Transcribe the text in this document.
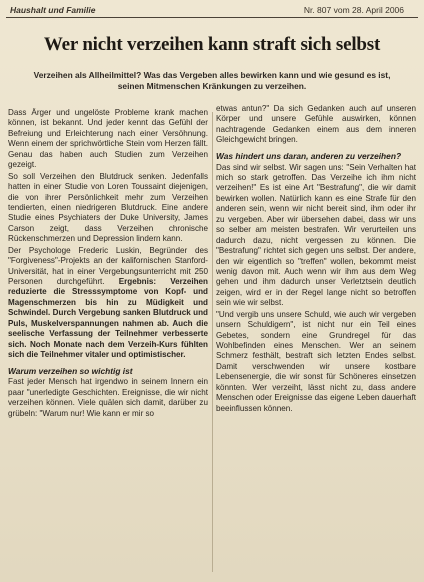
Haushalt und Familie	Nr. 807 vom 28. April 2006
Wer nicht verzeihen kann straft sich selbst
Verzeihen als Allheilmittel? Was das Vergeben alles bewirken kann und wie gesund es ist, seinen Mitmenschen Kränkungen zu verzeihen.

Dass Ärger und ungelöste Probleme krank machen können, ist bekannt. Und jeder kennt das Gefühl der Befreiung und Erleichterung nach einer Versöhnung. Wenn einem der sprichwörtliche Stein vom Herzen fällt. Genau das haben auch Studien zum Verzeihen gezeigt.

So soll Verzeihen den Blutdruck senken. Jedenfalls hatten in einer Studie von Loren Toussaint diejenigen, die von ihrer Persönlichkeit mehr zum Verzeihen tendierten, einen niedrigeren Blutdruck. Eine andere Studie eines Psychiaters der Duke University, James Carson zeigt, dass Verzeihen chronische Rückenschmerzen und Depression lindern kann.

Der Psychologe Frederic Luskin, Begründer des "Forgiveness"-Projekts an der kalifornischen Stanford-Universität, hat in einer Vergebungsunterricht mit 250 Personen durchgeführt. Ergebnis: Verzeihen reduzierte die Stresssymptome von Kopf- und Magenschmerzen bis hin zu Müdigkeit und Schwindel. Durch Vergebung sanken Blutdruck und Puls, Muskelverspannungen nahmen ab. Auch die seelische Verfassung der Teilnehmer verbesserte sich. Noch Monate nach dem Verzeih-Kurs fühlten sich die Teilnehmer vitaler und optimistischer.

Warum verzeihen so wichtig ist

Fast jeder Mensch hat irgendwo in seinem Innern ein paar "unerledigte Geschichten. Ereignisse, die wir nicht verzeihen können. Viele quälen sich damit, darüber zu grübeln: "Warum nur! Wie kann er mir so

etwas antun?" Da sich Gedanken auch auf unseren Körper und unsere Gefühle auswirken, können nachtragende Gedanken einem aus dem inneren Gleichgewicht bringen.

Was hindert uns daran, anderen zu verzeihen?

Das sind wir selbst. Wir sagen uns: "Sein Verhalten hat mich so stark getroffen. Das Verzeihe ich ihm nicht verzeihen!" Es ist eine Art "Bestrafung", die wir damit bewirken wollen. Natürlich kann es eine Strafe für den anderen sein, wenn wir nicht bereit sind, ihm oder ihr zu vergeben. Aber wir übersehen dabei, dass wir uns so selber am meisten bestrafen. Wir verurteilen uns dadurch dazu, nicht vergessen zu können. Die "Bestrafung" richtet sich gegen uns selbst. Der andere, den wir eigentlich so "treffen" wollen, bekommt meist wenig davon mit. Auch wenn wir ihm aus dem Weg gehen und ihm dadurch unser Verletztsein deutlich zeigen, wird er in der Regel lange nicht so betroffen sein wie wir selbst.

"Und vergib uns unsere Schuld, wie auch wir vergeben unsern Schuldigern", ist nicht nur ein Teil eines Gebetes, sondern eine Grundregel für das Wohlbefinden eines Menschen. Wer an seinem Schmerz festhält, bestraft sich letzten Endes selbst. Damit verschwenden wir unsere kostbare Lebensenergie, die wir sonst für Schöneres einsetzen könnten. Wer verzeiht, lässt nicht zu, dass andere Menschen oder Ereignisse das eigene Leben dauerhaft beeinflussen können.
